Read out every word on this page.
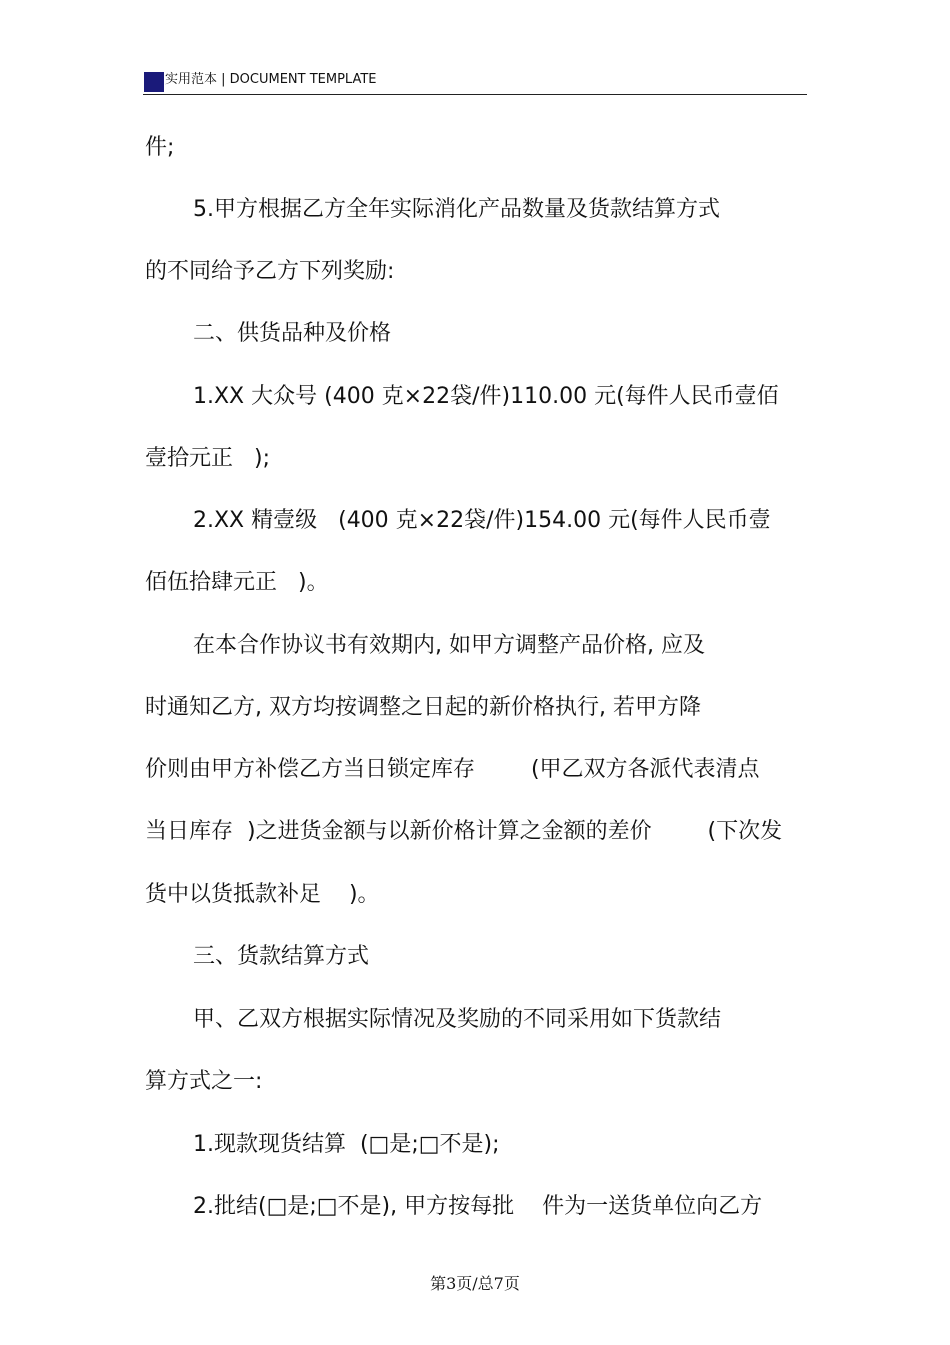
实用范本 | DOCUMENT TEMPLATE
件;
5.甲方根据乙方全年实际消化产品数量及货款结算方式
的不同给予乙方下列奖励:
二、供货品种及价格
1.XX 大众号 (400 克×22袋/件)110.00 元(每件人民币壹佰
壹拾元正   );
2.XX 精壹级   (400 克×22袋/件)154.00 元(每件人民币壹
佰伍拾肆元正   )。
在本合作协议书有效期内, 如甲方调整产品价格, 应及
时通知乙方, 双方均按调整之日起的新价格执行, 若甲方降
价则由甲方补偿乙方当日锁定库存        (甲乙双方各派代表清点
当日库存  )之进货金额与以新价格计算之金额的差价        (下次发
货中以货抵款补足    )。
三、货款结算方式
甲、乙双方根据实际情况及奖励的不同采用如下货款结
算方式之一:
1.现款现货结算  (□是;□不是);
2.批结(□是;□不是), 甲方按每批    件为一送货单位向乙方
第3页/总7页
